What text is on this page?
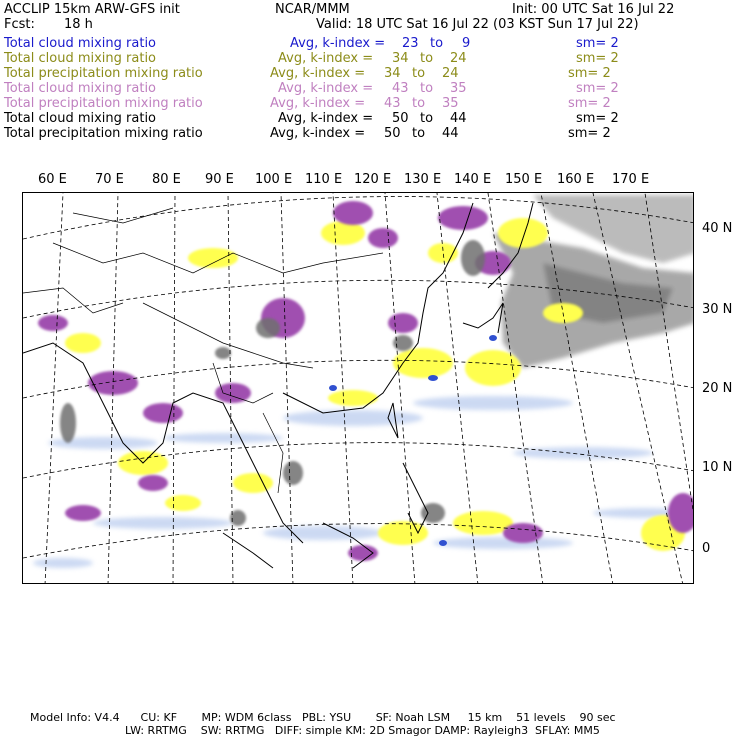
ACCLIP 15km ARW-GFS init	NCAR/MMM	Init: 00 UTC Sat 16 Jul 22
Fcst: 18 h	Valid: 18 UTC Sat 16 Jul 22 (03 KST Sun 17 Jul 22)
Total cloud mixing ratio	Avg, k-index = 23 to 9	sm= 2
Total cloud mixing ratio	Avg, k-index = 34 to 24	sm= 2
Total precipitation mixing ratio	Avg, k-index = 34 to 24	sm= 2
Total cloud mixing ratio	Avg, k-index = 43 to 35	sm= 2
Total precipitation mixing ratio	Avg, k-index = 43 to 35	sm= 2
Total cloud mixing ratio	Avg, k-index = 50 to 44	sm= 2
Total precipitation mixing ratio	Avg, k-index = 50 to 44	sm= 2
60 E 70 E 80 E 90 E 100 E 110 E 120 E 130 E 140 E 150 E 160 E 170 E
40 N
30 N
20 N
10 N
0
Model Info: V4.4      CU: KF       MP: WDM 6class   PBL: YSU       SF: Noah LSM     15 km    51 levels    90 sec
LW: RRTMG    SW: RRTMG   DIFF: simple KM: 2D Smagor DAMP: Rayleigh3  SFLAY: MM5
